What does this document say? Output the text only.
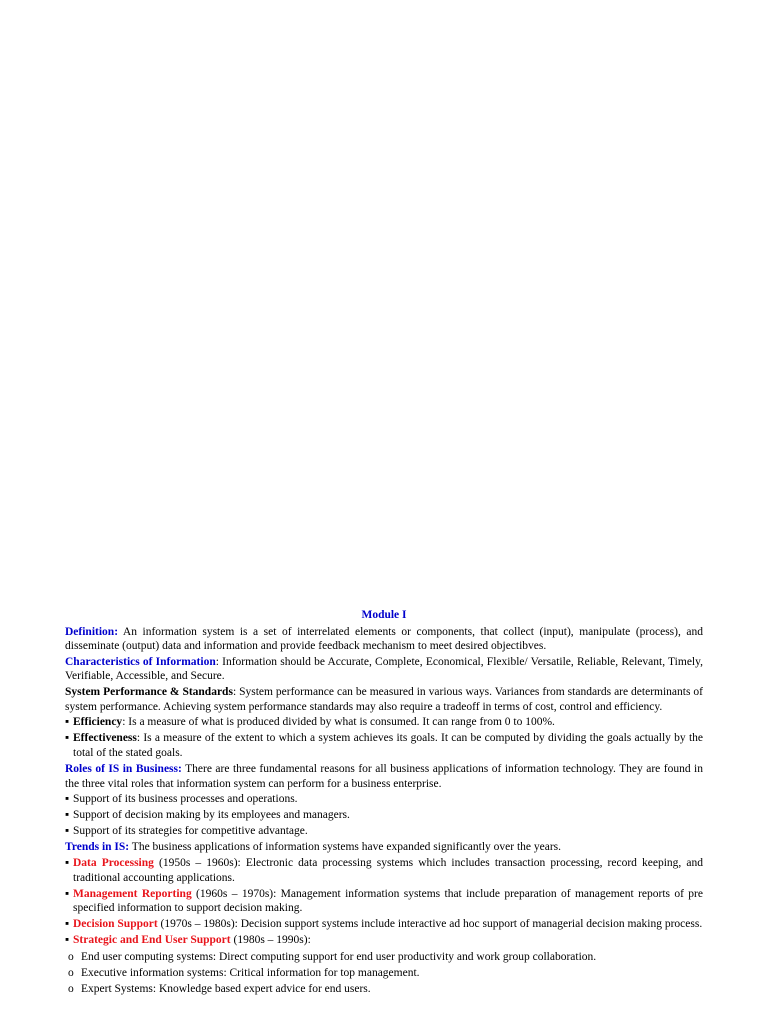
Module I
Definition: An information system is a set of interrelated elements or components, that collect (input), manipulate (process), and disseminate (output) data and information and provide feedback mechanism to meet desired objectibves.
Characteristics of Information: Information should be Accurate, Complete, Economical, Flexible/ Versatile, Reliable, Relevant, Timely, Verifiable, Accessible, and Secure.
System Performance & Standards: System performance can be measured in various ways. Variances from standards are determinants of system performance. Achieving system performance standards may also require a tradeoff in terms of cost, control and efficiency.
▪ Efficiency: Is a measure of what is produced divided by what is consumed. It can range from 0 to 100%.
▪ Effectiveness: Is a measure of the extent to which a system achieves its goals. It can be computed by dividing the goals actually by the total of the stated goals.
Roles of IS in Business: There are three fundamental reasons for all business applications of information technology. They are found in the three vital roles that information system can perform for a business enterprise.
▪ Support of its business processes and operations.
▪ Support of decision making by its employees and managers.
▪ Support of its strategies for competitive advantage.
Trends in IS: The business applications of information systems have expanded significantly over the years.
▪ Data Processing (1950s – 1960s): Electronic data processing systems which includes transaction processing, record keeping, and traditional accounting applications.
▪ Management Reporting (1960s – 1970s): Management information systems that include preparation of management reports of pre specified information to support decision making.
▪ Decision Support (1970s – 1980s): Decision support systems include interactive ad hoc support of managerial decision making process.
▪ Strategic and End User Support (1980s – 1990s):
o End user computing systems: Direct computing support for end user productivity and work group collaboration.
o Executive information systems: Critical information for top management.
o Expert Systems: Knowledge based expert advice for end users.
